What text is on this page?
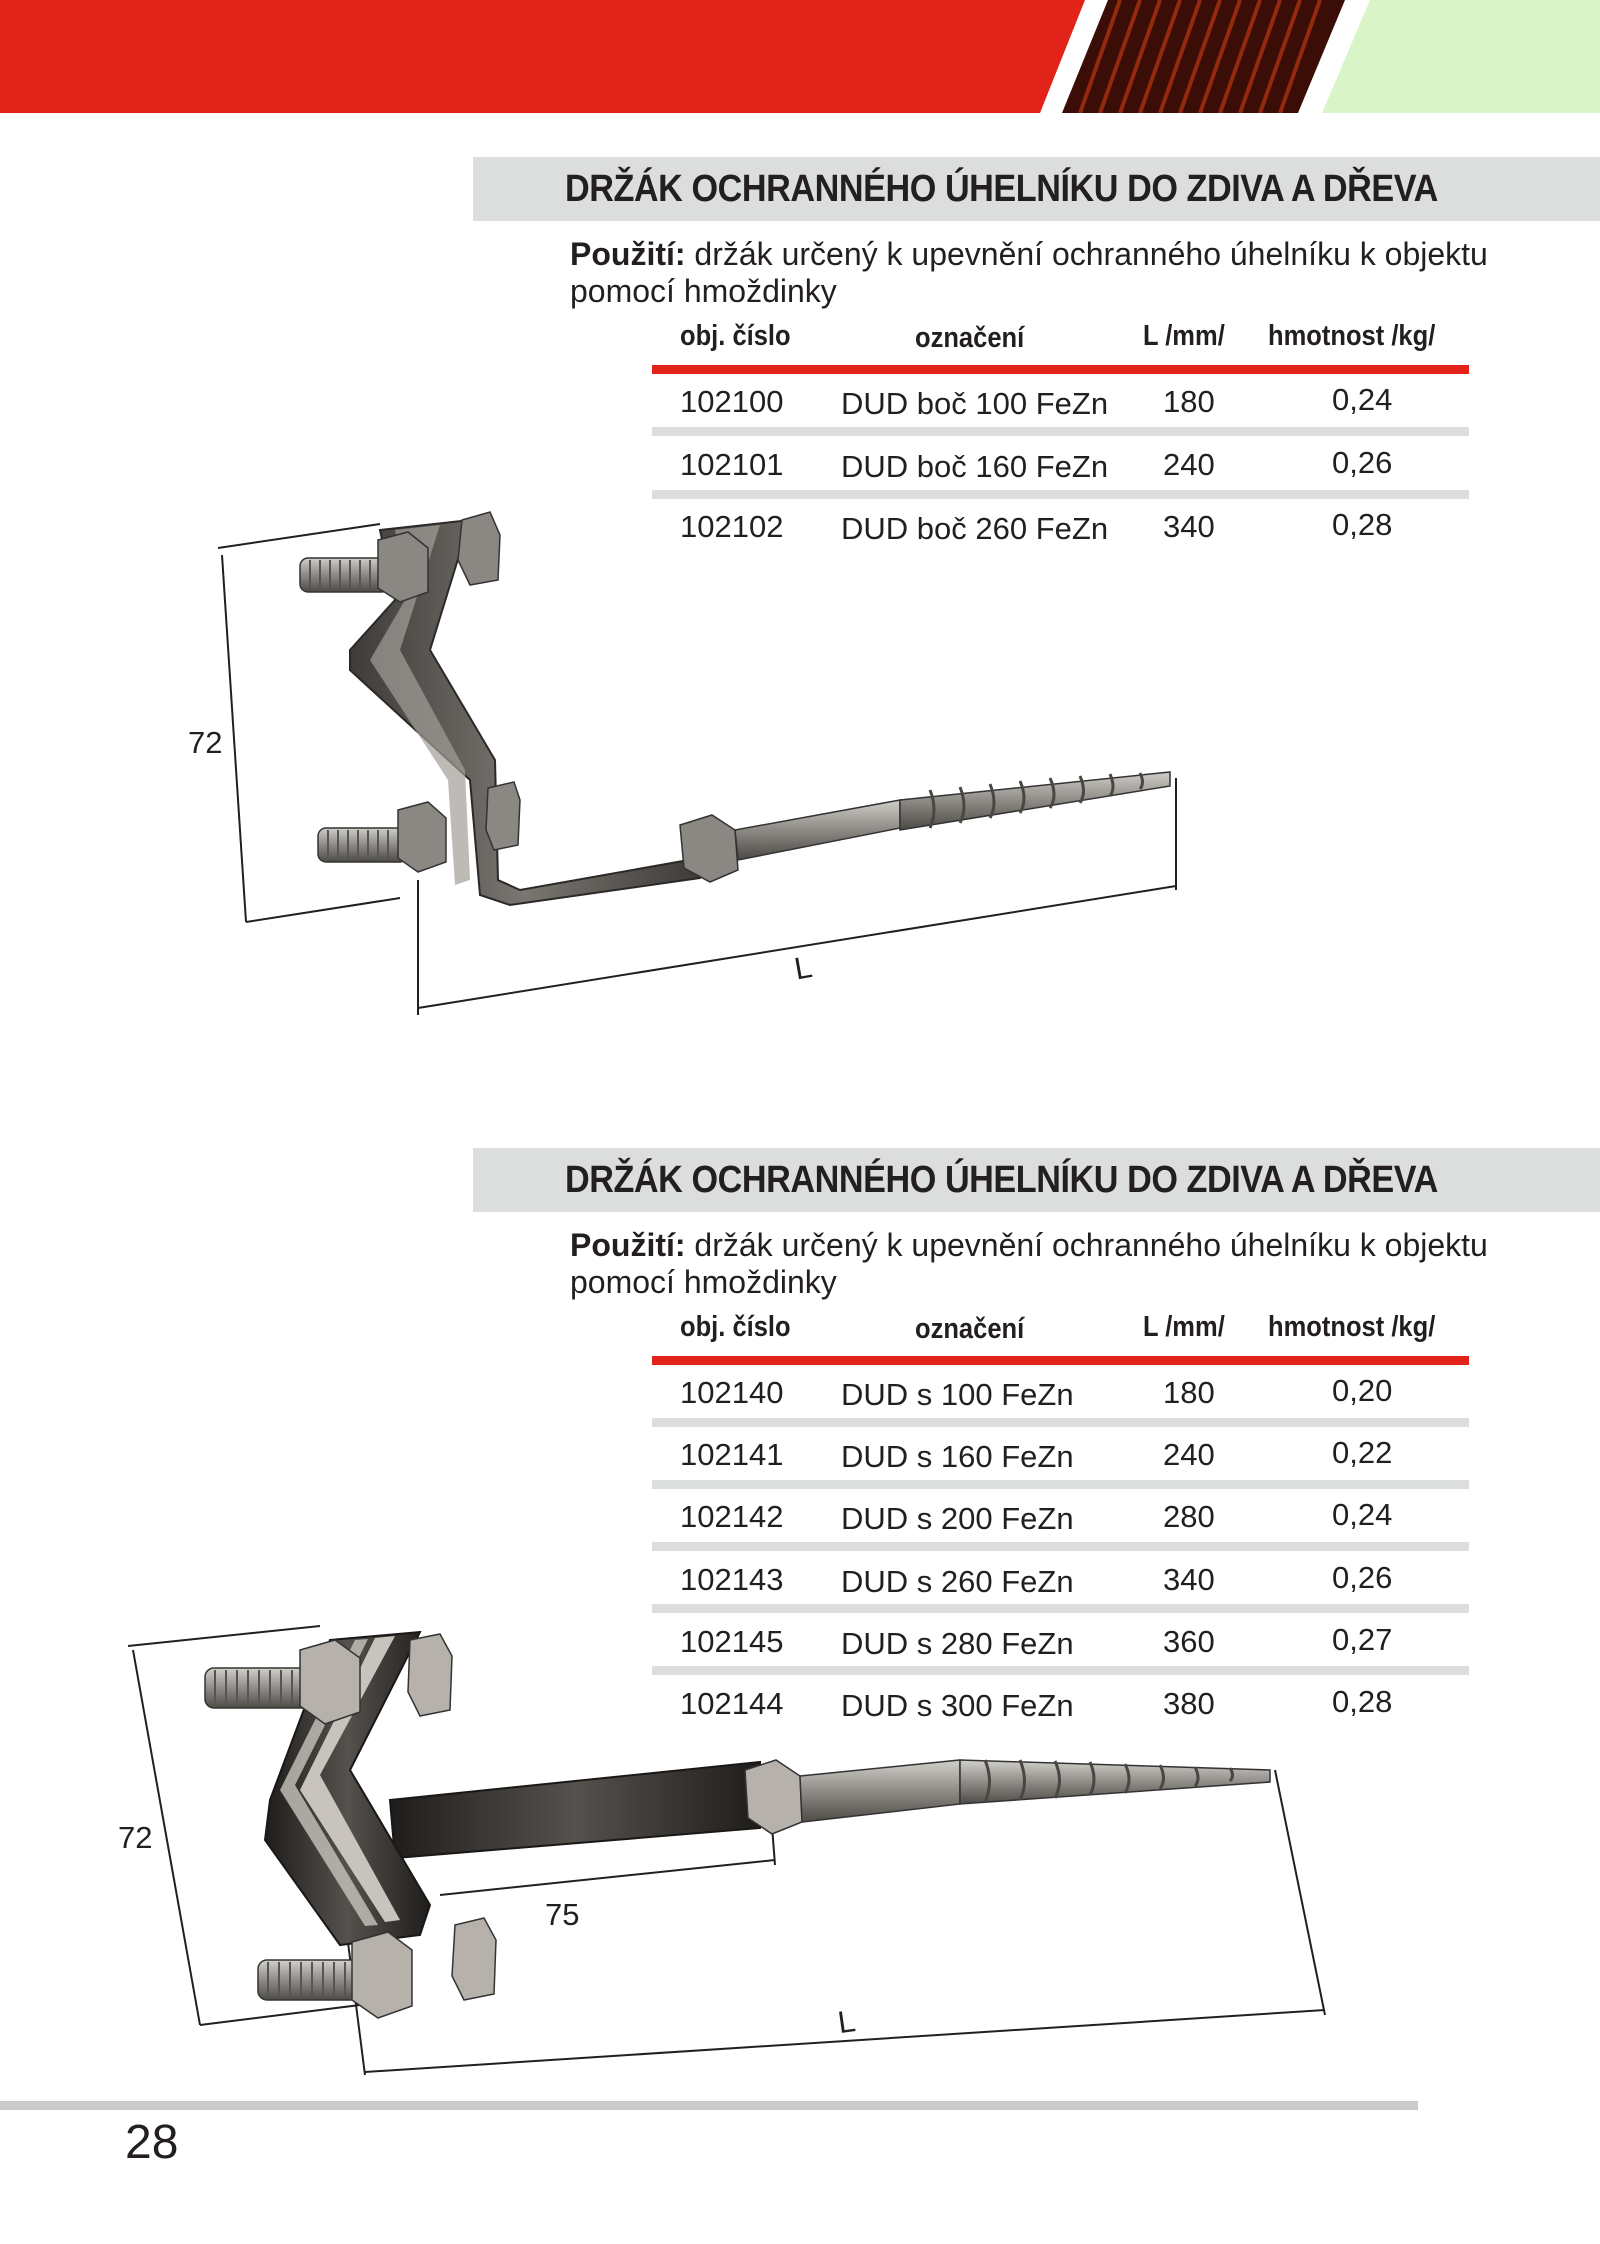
DRŽÁK OCHRANNÉHO ÚHELNÍKU DO ZDIVA A DŘEVA
Použití: držák určený k upevnění ochranného úhelníku k objektu pomocí hmoždinky
obj. číslo	označení	L /mm/ hmotnost /kg/
102100 DUD boč 100 FeZn 180	0,24
102101 DUD boč 160 FeZn 240	0,26
102102 DUD boč 260 FeZn 340	0,28
72
L
DRŽÁK OCHRANNÉHO ÚHELNÍKU DO ZDIVA A DŘEVA
Použití: držák určený k upevnění ochranného úhelníku k objektu pomocí hmoždinky
obj. číslo	označení	L /mm/ hmotnost /kg/
102140 DUD s 100 FeZn	180	0,20
102141 DUD s 160 FeZn	240	0,22
102142 DUD s 200 FeZn	280	0,24
102143 DUD s 260 FeZn	340	0,26
102145 DUD s 280 FeZn	360	0,27
102144 DUD s 300 FeZn	380	0,28
72
75
L
28
